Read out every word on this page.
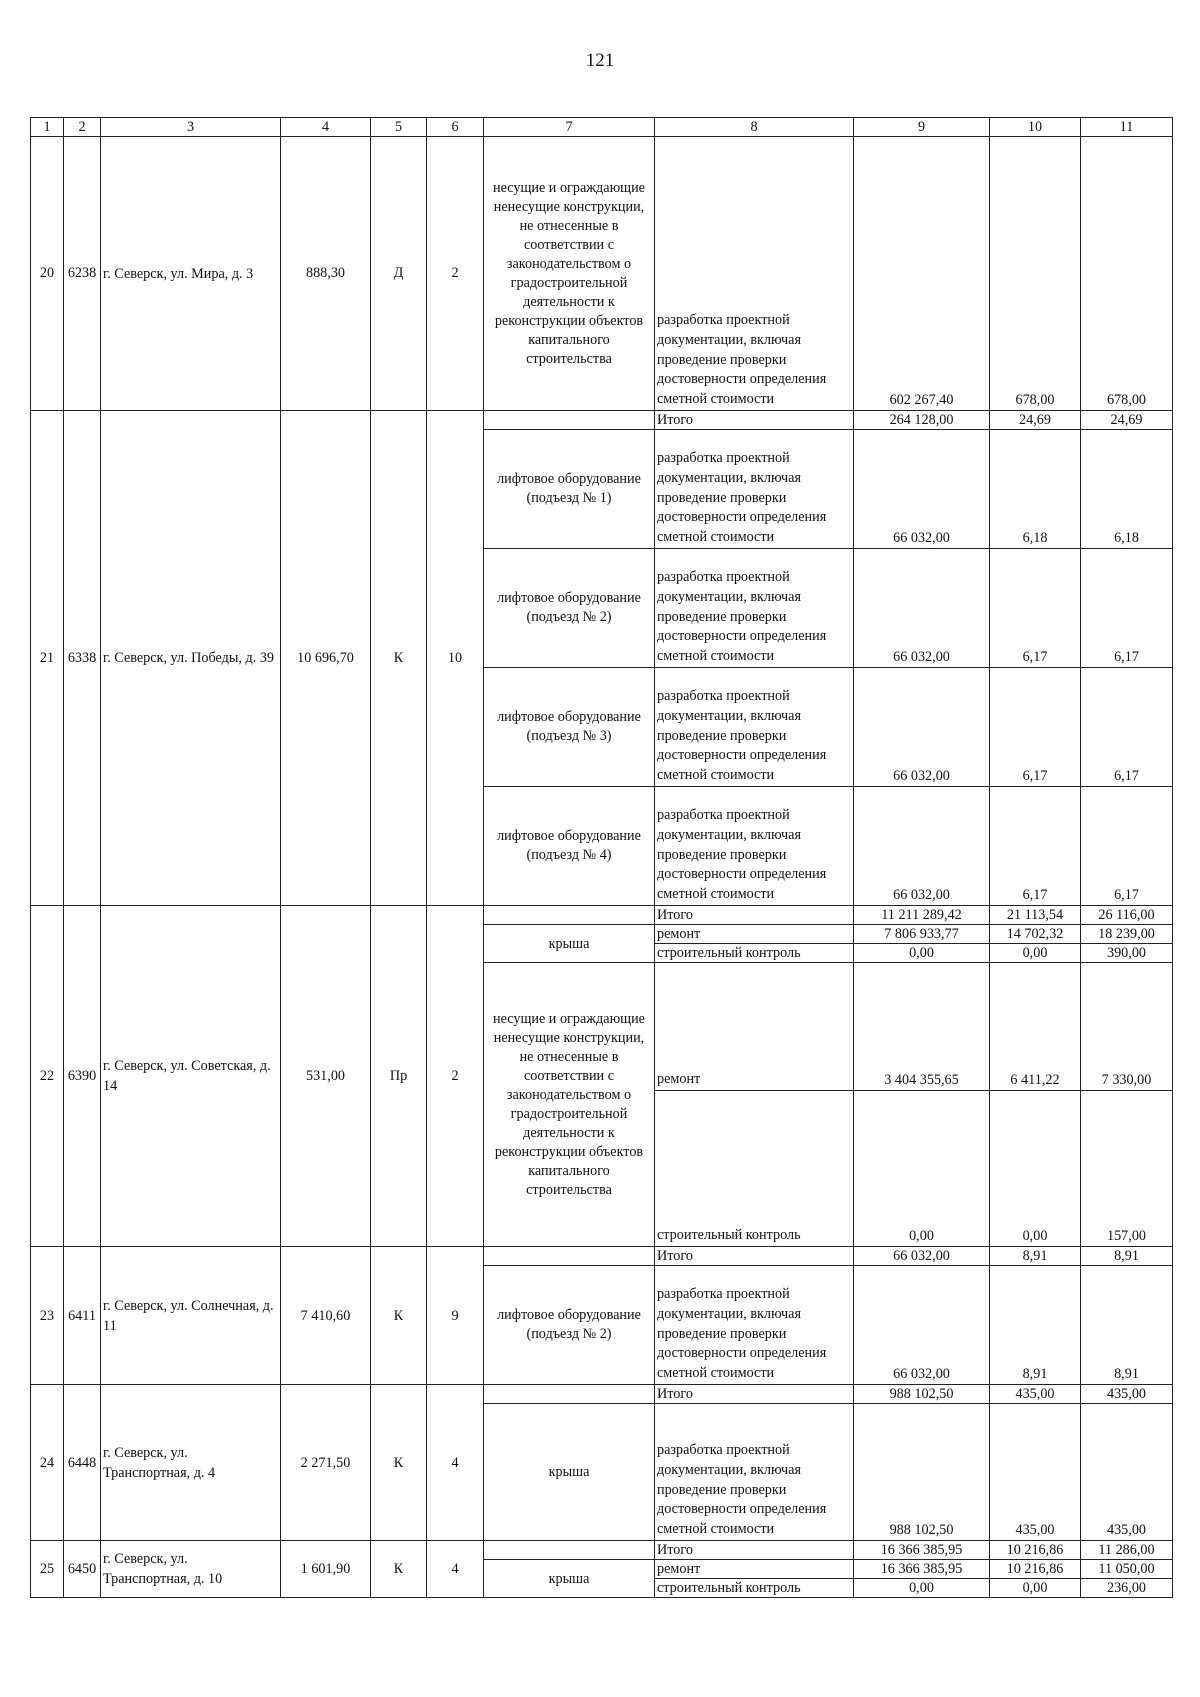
121
1	2	3	4	5	6	7	8	9	10	11
20	6238	г. Северск, ул. Мира, д. 3	888,30	Д	2	несущие и ограждающие ненесущие конструкции, не отнесенные в соответствии с законодательством о градостроительной деятельности к реконструкции объектов капитального строительства	разработка проектной документации, включая проведение проверки достоверности определения сметной стоимости	602 267,40	678,00	678,00
21	6338	г. Северск, ул. Победы, д. 39	10 696,70	К	10		Итого	264 128,00	24,69	24,69
						лифтовое оборудование (подъезд № 1)	разработка проектной документации, включая проведение проверки достоверности определения сметной стоимости	66 032,00	6,18	6,18
						лифтовое оборудование (подъезд № 2)	разработка проектной документации, включая проведение проверки достоверности определения сметной стоимости	66 032,00	6,17	6,17
						лифтовое оборудование (подъезд № 3)	разработка проектной документации, включая проведение проверки достоверности определения сметной стоимости	66 032,00	6,17	6,17
						лифтовое оборудование (подъезд № 4)	разработка проектной документации, включая проведение проверки достоверности определения сметной стоимости	66 032,00	6,17	6,17
22	6390	г. Северск, ул. Советская, д. 14	531,00	Пр	2		Итого	11 211 289,42	21 113,54	26 116,00
						крыша	ремонт	7 806 933,77	14 702,32	18 239,00
							строительный контроль	0,00	0,00	390,00
						несущие и ограждающие ненесущие конструкции, не отнесенные в соответствии с законодательством о градостроительной деятельности к реконструкции объектов капитального строительства	ремонт	3 404 355,65	6 411,22	7 330,00
							строительный контроль	0,00	0,00	157,00
23	6411	г. Северск, ул. Солнечная, д. 11	7 410,60	К	9		Итого	66 032,00	8,91	8,91
						лифтовое оборудование (подъезд № 2)	разработка проектной документации, включая проведение проверки достоверности определения сметной стоимости	66 032,00	8,91	8,91
24	6448	г. Северск, ул. Транспортная, д. 4	2 271,50	К	4		Итого	988 102,50	435,00	435,00
						крыша	разработка проектной документации, включая проведение проверки достоверности определения сметной стоимости	988 102,50	435,00	435,00
25	6450	г. Северск, ул. Транспортная, д. 10	1 601,90	К	4		Итого	16 366 385,95	10 216,86	11 286,00
						крыша	ремонт	16 366 385,95	10 216,86	11 050,00
							строительный контроль	0,00	0,00	236,00
